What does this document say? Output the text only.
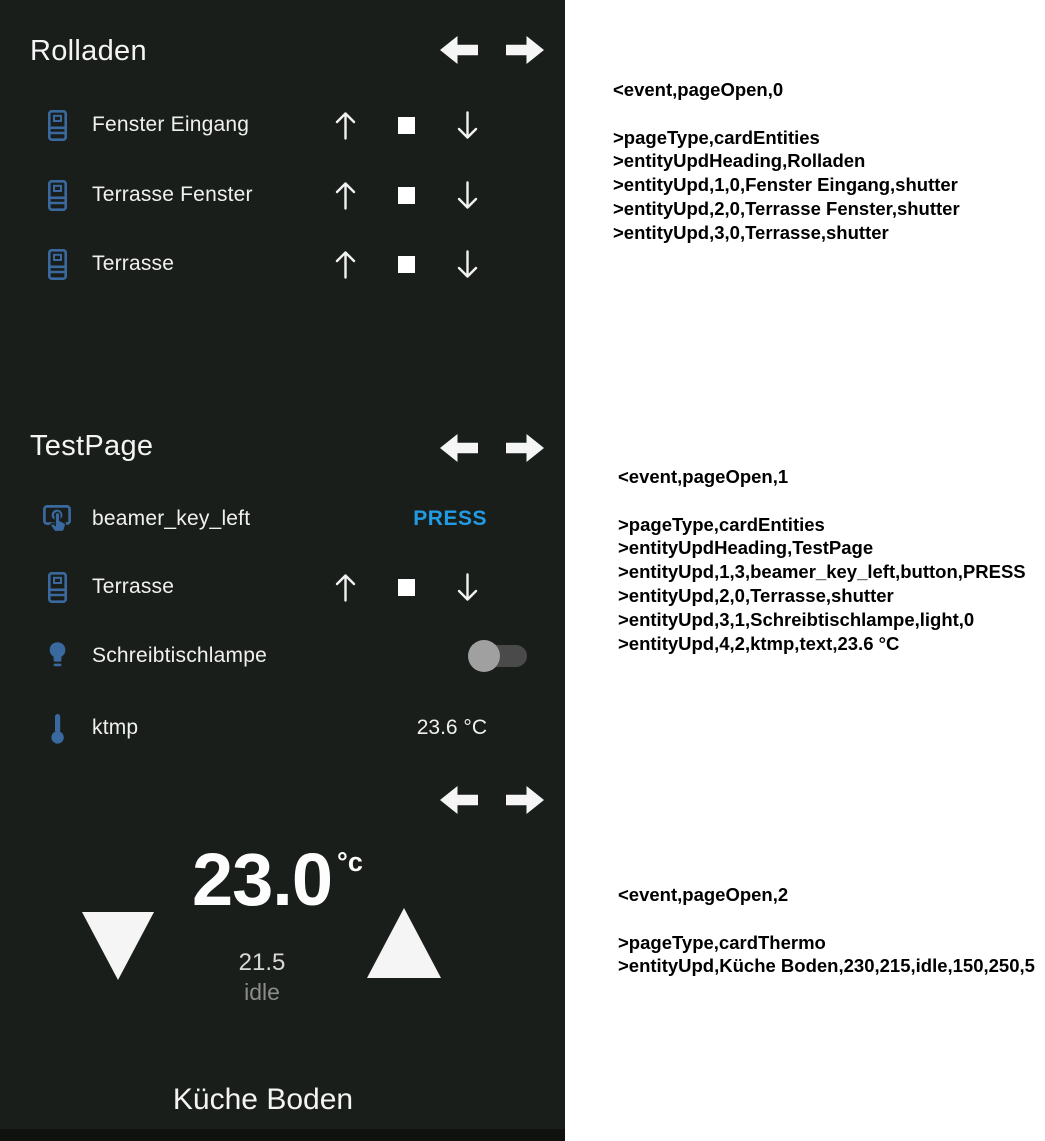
Rolladen
Fenster Eingang
Terrasse Fenster
Terrasse
TestPage
beamer_key_left	PRESS
Terrasse
Schreibtischlampe
ktmp	23.6 °C
23.0 °c
21.5
idle
Küche Boden
<event,pageOpen,0
>pageType,cardEntities
>entityUpdHeading,Rolladen
>entityUpd,1,0,Fenster Eingang,shutter
>entityUpd,2,0,Terrasse Fenster,shutter
>entityUpd,3,0,Terrasse,shutter
<event,pageOpen,1
>pageType,cardEntities
>entityUpdHeading,TestPage
>entityUpd,1,3,beamer_key_left,button,PRESS
>entityUpd,2,0,Terrasse,shutter
>entityUpd,3,1,Schreibtischlampe,light,0
>entityUpd,4,2,ktmp,text,23.6 °C
<event,pageOpen,2
>pageType,cardThermo
>entityUpd,Küche Boden,230,215,idle,150,250,5
